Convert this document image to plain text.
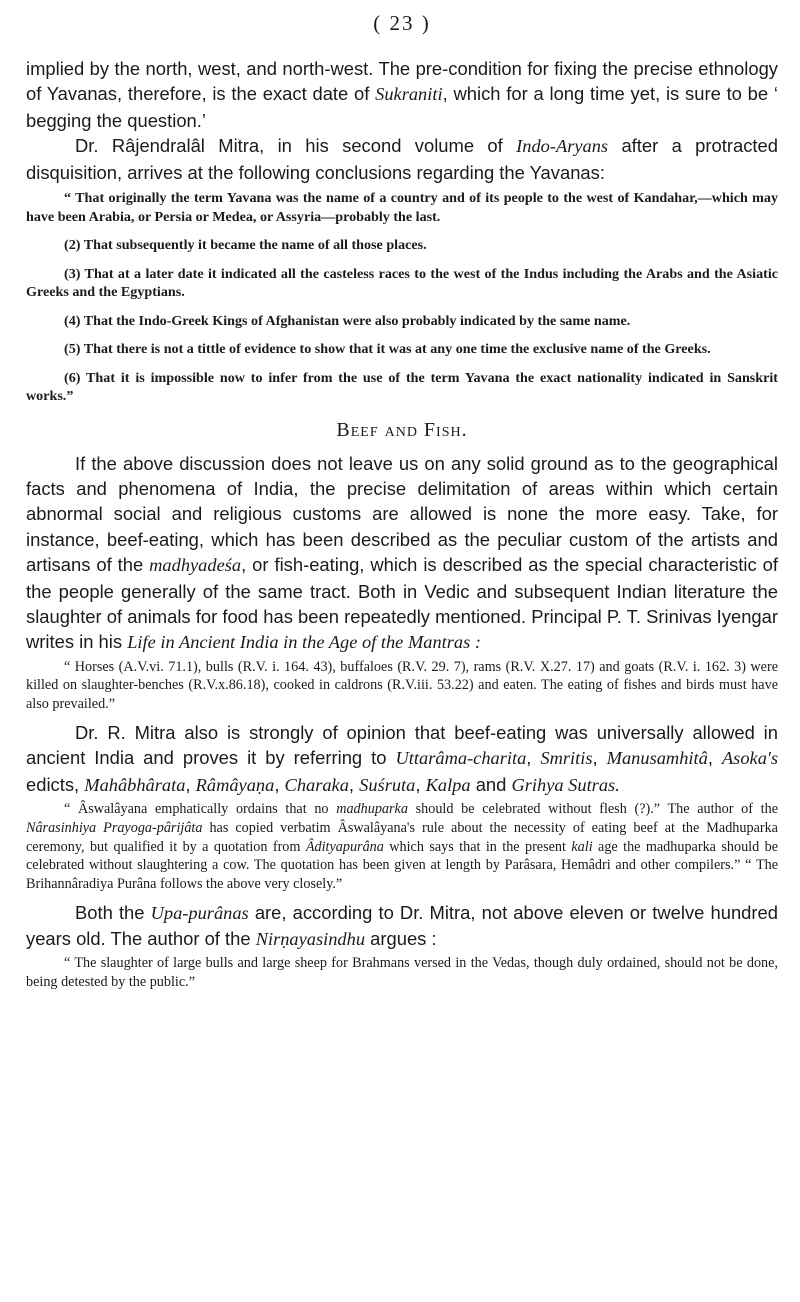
( 23 )

implied by the north, west, and north-west. The pre-condition for fixing the precise ethnology of Yavanas, therefore, is the exact date of Sukraniti, which for a long time yet, is sure to be ‘ begging the question.’

Dr. Râjendralâl Mitra, in his second volume of Indo-Aryans after a protracted disquisition, arrives at the following conclusions regarding the Yavanas:

“ That originally the term Yavana was the name of a country and of its people to the west of Kandahar,—which may have been Arabia, or Persia or Medea, or Assyria—probably the last.

(2) That subsequently it became the name of all those places.

(3) That at a later date it indicated all the casteless races to the west of the Indus including the Arabs and the Asiatic Greeks and the Egyptians.

(4) That the Indo-Greek Kings of Afghanistan were also probably indicated by the same name.

(5) That there is not a tittle of evidence to show that it was at any one time the exclusive name of the Greeks.

(6) That it is impossible now to infer from the use of the term Yavana the exact nationality indicated in Sanskrit works.”

Beef and Fish.

If the above discussion does not leave us on any solid ground as to the geographical facts and phenomena of India, the precise delimitation of areas within which certain abnormal social and religious customs are allowed is none the more easy. Take, for instance, beef-eating, which has been described as the peculiar custom of the artists and artisans of the madhyadeśa, or fish-eating, which is described as the special characteristic of the people generally of the same tract. Both in Vedic and subsequent Indian literature the slaughter of animals for food has been repeatedly mentioned. Principal P. T. Srinivas Iyengar writes in his Life in Ancient India in the Age of the Mantras :

“ Horses (A.V.vi. 71.1), bulls (R.V. i. 164. 43), buffaloes (R.V. 29. 7), rams (R.V. X.27. 17) and goats (R.V. i. 162. 3) were killed on slaughter-benches (R.V.x.86.18), cooked in caldrons (R.V.iii. 53.22) and eaten. The eating of fishes and birds must have also prevailed.”

Dr. R. Mitra also is strongly of opinion that beef-eating was universally allowed in ancient India and proves it by referring to Uttarâma-charita, Smritis, Manusamhitâ, Asoka's edicts, Mahâbhârata, Râmâyaṇa, Charaka, Suśruta, Kalpa and Grihya Sutras.

“ Âswalâyana emphatically ordains that no madhuparka should be celebrated without flesh (?).” The author of the Nârasinhiya Prayoga-pârijâta has copied verbatim Âswalâyana's rule about the necessity of eating beef at the Madhuparka ceremony, but qualified it by a quotation from Âdityapurâna which says that in the present kali age the madhuparka should be celebrated without slaughtering a cow. The quotation has been given at length by Parâsara, Hemâdri and other compilers.” “ The Brihannâradiya Purâna follows the above very closely.”

Both the Upa-purânas are, according to Dr. Mitra, not above eleven or twelve hundred years old. The author of the Nirṇayasindhu argues :

“ The slaughter of large bulls and large sheep for Brahmans versed in the Vedas, though duly ordained, should not be done, being detested by the public.”
